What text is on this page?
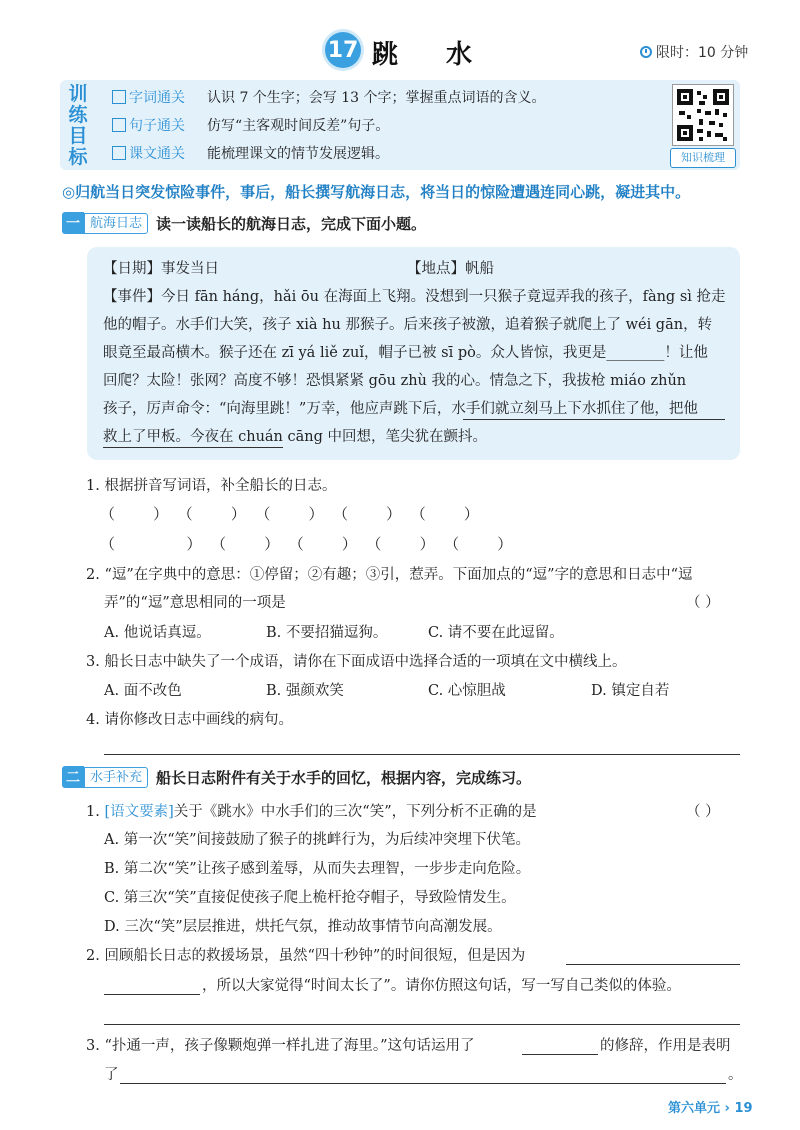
17 跳水	限时：10 分钟
训练目标
字词通关	认识 7 个生字；会写 13 个字；掌握重点词语的含义。
句子通关	仿写“主客观时间反差”句子。
课文通关	能梳理课文的情节发展逻辑。	知识梳理
◎归航当日突发惊险事件，事后，船长撰写航海日志，将当日的惊险遭遇连同心跳，凝进其中。
一 航海日志 读一读船长的航海日志，完成下面小题。
【日期】事发当日	【地点】帆船
【事件】今日 fān háng，hǎi ōu 在海面上飞翔。没想到一只猴子竟逗弄我的孩子，fàng sì 抢走
他的帽子。水手们大笑，孩子 xià hu 那猴子。后来孩子被激，追着猴子就爬上了 wéi gān，转
眼竟至最高横木。猴子还在 zī yá liě zuǐ，帽子已被 sī pò。众人皆惊，我更是________！让他
回爬？太险！张网？高度不够！恐惧紧紧 gōu zhù 我的心。情急之下，我拔枪 miáo zhǔn
孩子，厉声命令：“向海里跳！”万幸，他应声跳下后，水手们就立刻马上下水抓住了他，把他
救上了甲板。今夜在 chuán cāng 中回想，笔尖犹在颤抖。
1. 根据拼音写词语，补全船长的日志。
（        ）  （        ）  （        ）  （        ）  （        ）
（               ）  （        ）  （        ）  （        ）  （        ）
2. “逗”在字典中的意思：①停留；②有趣；③引，惹弄。下面加点的“逗”字的意思和日志中“逗
弄”的“逗”意思相同的一项是	（ ）
A. 他说话真逗。	B. 不要招猫逗狗。	C. 请不要在此逗留。
3. 船长日志中缺失了一个成语，请你在下面成语中选择合适的一项填在文中横线上。
A. 面不改色	B. 强颜欢笑	C. 心惊胆战	D. 镇定自若
4. 请你修改日志中画线的病句。
二 水手补充 船长日志附件有关于水手的回忆，根据内容，完成练习。
1. [语文要素]关于《跳水》中水手们的三次“笑”，下列分析不正确的是	（ ）
A. 第一次“笑”间接鼓励了猴子的挑衅行为，为后续冲突埋下伏笔。
B. 第二次“笑”让孩子感到羞辱，从而失去理智，一步步走向危险。
C. 第三次“笑”直接促使孩子爬上桅杆抢夺帽子，导致险情发生。
D. 三次“笑”层层推进，烘托气氛，推动故事情节向高潮发展。
2. 回顾船长日志的救援场景，虽然“四十秒钟”的时间很短，但是因为
，所以大家觉得“时间太长了”。请你仿照这句话，写一写自己类似的体验。
3. “扑通一声，孩子像颗炮弹一样扎进了海里。”这句话运用了	的修辞，作用是表明
了	。
第六单元 › 19
